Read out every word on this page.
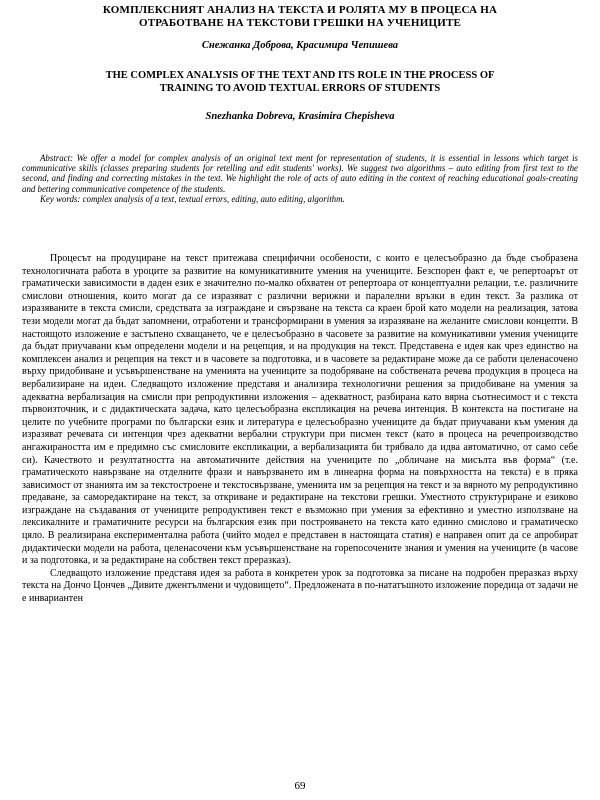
КОМПЛЕКСНИЯТ АНАЛИЗ НА ТЕКСТА И РОЛЯТА МУ В ПРОЦЕСА НА
ОТРАБОТВАНЕ НА ТЕКСТОВИ ГРЕШКИ НА УЧЕНИЦИТЕ
Снежанка Доброва, Красимира Чепишева
THE COMPLEX ANALYSIS OF THE TEXT AND ITS ROLE IN THE PROCESS OF
TRAINING TO AVOID TEXTUAL ERRORS OF STUDENTS
Snezhanka Dobreva, Krasimira Chepisheva

Abstract: We offer a model for complex analysis of an original text ment for representation of students, it is essential in lessons which target is communicative skills (classes preparing students for retelling and edit students' works). We suggest two algorithms – auto editing from first text to the second, and finding and correcting mistakes in the text. We highlight the role of acts of auto editing in the context of reaching educational goals-creating and bettering communicative competence of the students.

Key words: complex analysis of a text, textual errors, editing, auto editing, algorithm.

Процесът на продуциране на текст притежава специфични особености, с които е целесъобразно да бъде съобразена технологичната работа в уроците за развитие на комуникативните умения на учениците. Безспорен факт е, че репертоарът от граматически зависимости в даден език е значително по-малко обхватен от репертоара от концептуални релации, т.е. различните смислови отношения, които могат да се изразяват с различни верижни и паралелни връзки в един текст. За разлика от изразяваните в текста смисли, средствата за изграждане и свързване на текста са краен брой като модели на реализация, затова тези модели могат да бъдат запомнени, отработени и трансформирани в умения за изразяване на желаните смислови концепти. В настоящото изложение е застъпено схващането, че е целесъобразно в часовете за развитие на комуникативни умения учениците да бъдат приучавани към определени модели и на рецепция, и на продукция на текст. Представена е идея как чрез единство на комплексен анализ и рецепция на текст и в часовете за подготовка, и в часовете за редактиране може да се работи целенасочено върху придобиване и усъвършенстване на уменията на учениците за подобряване на собствената речева продукция в процеса на вербализиране на идеи. Следващото изложение представя и анализира технологични решения за придобиване на умения за адекватна вербализация на смисли при репродуктивни изложения – адекватност, разбирана като вярна съотнесимост и с текста първоизточник, и с дидактическата задача, като целесъобразна експликация на речева интенция. В контекста на постигане на целите по учебните програми по български език и литература е целесъобразно учениците да бъдат приучавани към умения да изразяват речевата си интенция чрез адекватни вербални структури при писмен текст (като в процеса на речепроизводство ангажираността им е предимно със смисловите експликации, а вербализацията би трябвало да идва автоматично, от само себе си). Качеството и резултатността на автоматичните действия на учениците по „обличане на мисълта във форма“ (т.е. граматическото навързване на отделните фрази и навързването им в линеарна форма на повърхността на текста) е в пряка зависимост от знанията им за текстостроене и текстосвързване, уменията им за рецепция на текст и за вярното му репродуктивно предаване, за саморедактиране на текст, за откриване и редактиране на текстови грешки. Уместното структуриране и езиково изграждане на създавания от учениците репродуктивен текст е възможно при умения за ефективно и уместно използване на лексикалните и граматичните ресурси на българския език при построяването на текста като единно смислово и граматическо цяло. В реализирана експериментална работа (чийто модел е представен в настоящата статия) е направен опит да се апробират дидактически модели на работа, целенасочени към усъвършенстване на горепосочените знания и умения на учениците (в часове и за подготовка, и за редактиране на собствен текст преразказ).

Следващото изложение представя идея за работа в конкретен урок за подготовка за писане на подробен преразказ върху текста на Дончо Цончев „Дивите джентълмени и чудовището“. Предложената в по-нататъшното изложение поредица от задачи не е инвариантен

69
